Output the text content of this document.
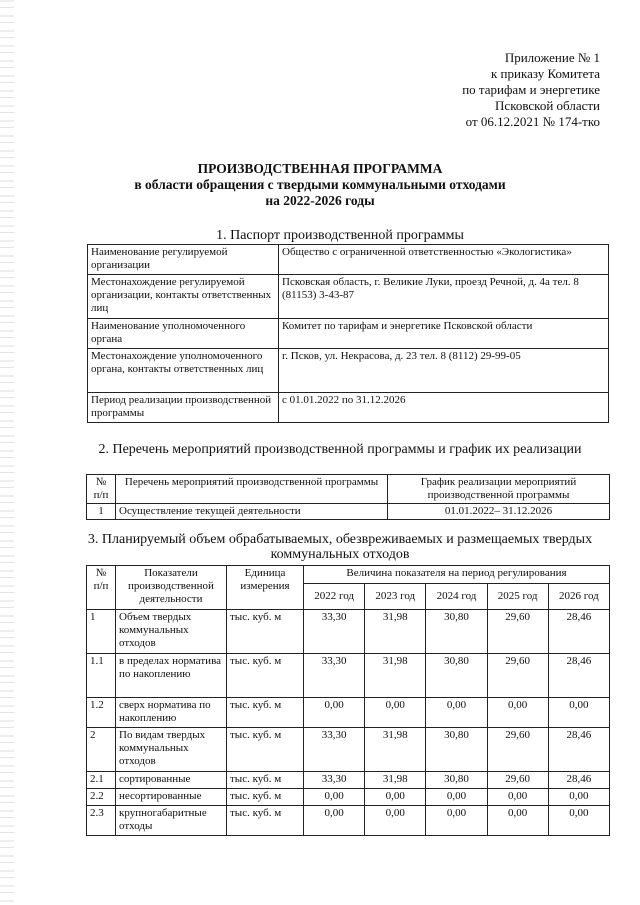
Приложение № 1
к приказу Комитета
по тарифам и энергетике
Псковской области
от 06.12.2021 № 174-тко
ПРОИЗВОДСТВЕННАЯ ПРОГРАММА
в области обращения с твердыми коммунальными отходами
на 2022-2026 годы
1. Паспорт производственной программы
Наименование регулируемой организации	Общество с ограниченной ответственностью «Экологистика»
Местонахождение регулируемой организации, контакты ответственных лиц	Псковская область, г. Великие Луки, проезд Речной, д. 4а тел. 8 (81153) 3-43-87
Наименование уполномоченного органа	Комитет по тарифам и энергетике Псковской области
Местонахождение уполномоченного органа, контакты ответственных лиц	г. Псков, ул. Некрасова, д. 23 тел. 8 (8112) 29-99-05
Период реализации производственной программы	с 01.01.2022 по 31.12.2026
2. Перечень мероприятий производственной программы и график их реализации
№ п/п	Перечень мероприятий производственной программы	График реализации мероприятий производственной программы
1	Осуществление текущей деятельности	01.01.2022– 31.12.2026
3. Планируемый объем обрабатываемых, обезвреживаемых и размещаемых твердых коммунальных отходов
№ п/п	Показатели производственной деятельности	Единица измерения	Величина показателя на период регулирования				
			2022 год	2023 год	2024 год	2025 год	2026 год
1	Объем твердых коммунальных отходов	тыс. куб. м	33,30	31,98	30,80	29,60	28,46
1.1	в пределах норматива по накоплению	тыс. куб. м	33,30	31,98	30,80	29,60	28,46
1.2	сверх норматива по накоплению	тыс. куб. м	0,00	0,00	0,00	0,00	0,00
2	По видам твердых коммунальных отходов	тыс. куб. м	33,30	31,98	30,80	29,60	28,46
2.1	сортированные	тыс. куб. м	33,30	31,98	30,80	29,60	28,46
2.2	несортированные	тыс. куб. м	0,00	0,00	0,00	0,00	0,00
2.3	крупногабаритные отходы	тыс. куб. м	0,00	0,00	0,00	0,00	0,00
